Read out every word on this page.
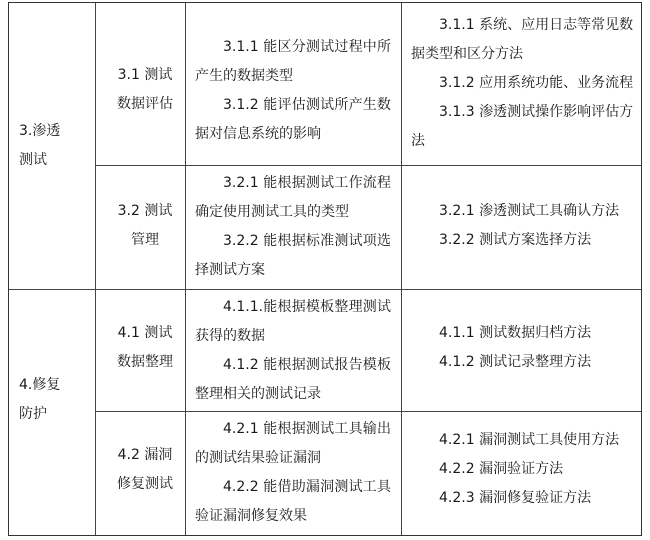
3.渗透

测试

3.1 测试

数据评估

3.1.1 能区分测试过程中所产生的数据类型

3.1.2 能评估测试所产生数据对信息系统的影响

3.1.1 系统、应用日志等常见数据类型和区分方法

3.1.2 应用系统功能、业务流程

3.1.3 渗透测试操作影响评估方法

3.2 测试

管理

3.2.1 能根据测试工作流程确定使用测试工具的类型

3.2.2 能根据标准测试项选择测试方案

3.2.1 渗透测试工具确认方法

3.2.2 测试方案选择方法

4.修复

防护

4.1 测试

数据整理

4.1.1.能根据模板整理测试获得的数据

4.1.2 能根据测试报告模板整理相关的测试记录

4.1.1 测试数据归档方法

4.1.2 测试记录整理方法

4.2 漏洞

修复测试

4.2.1 能根据测试工具输出的测试结果验证漏洞

4.2.2 能借助漏洞测试工具验证漏洞修复效果

4.2.1 漏洞测试工具使用方法

4.2.2 漏洞验证方法

4.2.3 漏洞修复验证方法
